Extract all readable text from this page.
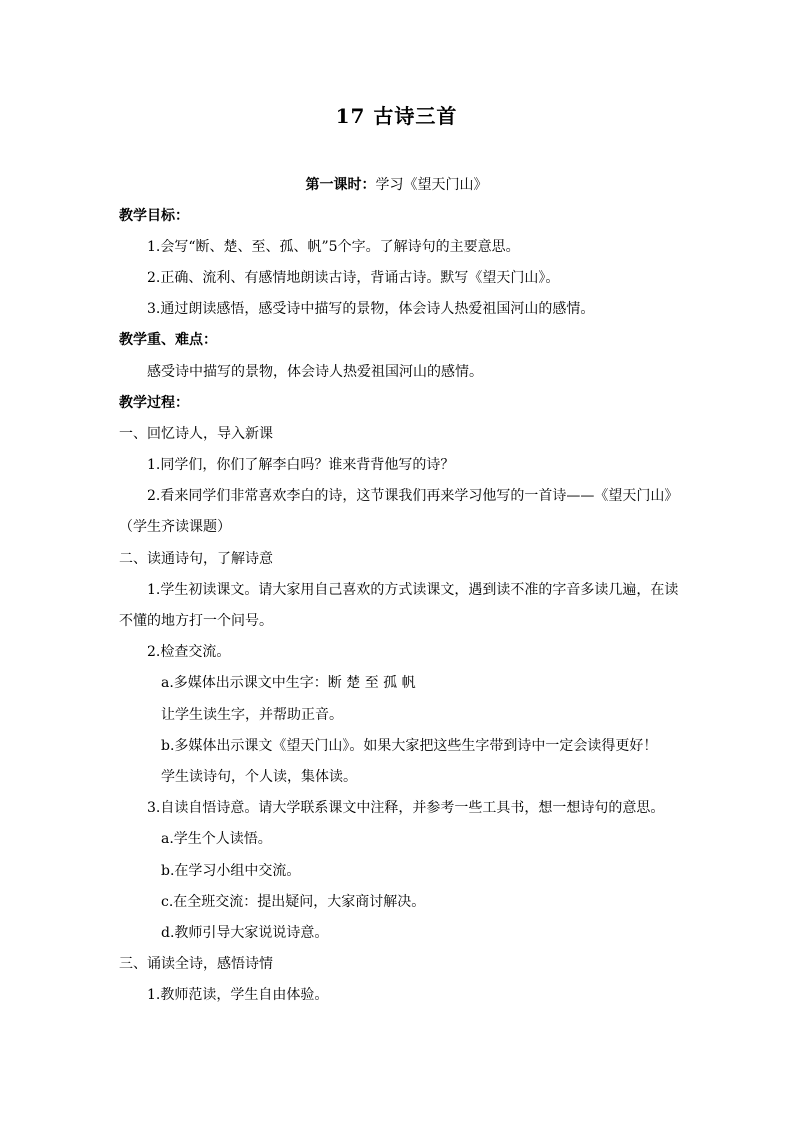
17 古诗三首
第一课时：学习《望天门山》
教学目标：
1.会写“断、楚、至、孤、帆”5个字。了解诗句的主要意思。
2.正确、流利、有感情地朗读古诗，背诵古诗。默写《望天门山》。
3.通过朗读感悟，感受诗中描写的景物，体会诗人热爱祖国河山的感情。
教学重、难点：
感受诗中描写的景物，体会诗人热爱祖国河山的感情。
教学过程：
一、回忆诗人，导入新课
1.同学们，你们了解李白吗？谁来背背他写的诗？
2.看来同学们非常喜欢李白的诗，这节课我们再来学习他写的一首诗——《望天门山》
（学生齐读课题）
二、读通诗句，了解诗意
1.学生初读课文。请大家用自己喜欢的方式读课文，遇到读不准的字音多读几遍，在读
不懂的地方打一个问号。
2.检查交流。
a.多媒体出示课文中生字：断 楚 至 孤 帆
让学生读生字，并帮助正音。
b.多媒体出示课文《望天门山》。如果大家把这些生字带到诗中一定会读得更好！
学生读诗句，个人读，集体读。
3.自读自悟诗意。请大学联系课文中注释，并参考一些工具书，想一想诗句的意思。
a.学生个人读悟。
b.在学习小组中交流。
c.在全班交流：提出疑问，大家商讨解决。
d.教师引导大家说说诗意。
三、诵读全诗，感悟诗情
1.教师范读，学生自由体验。
